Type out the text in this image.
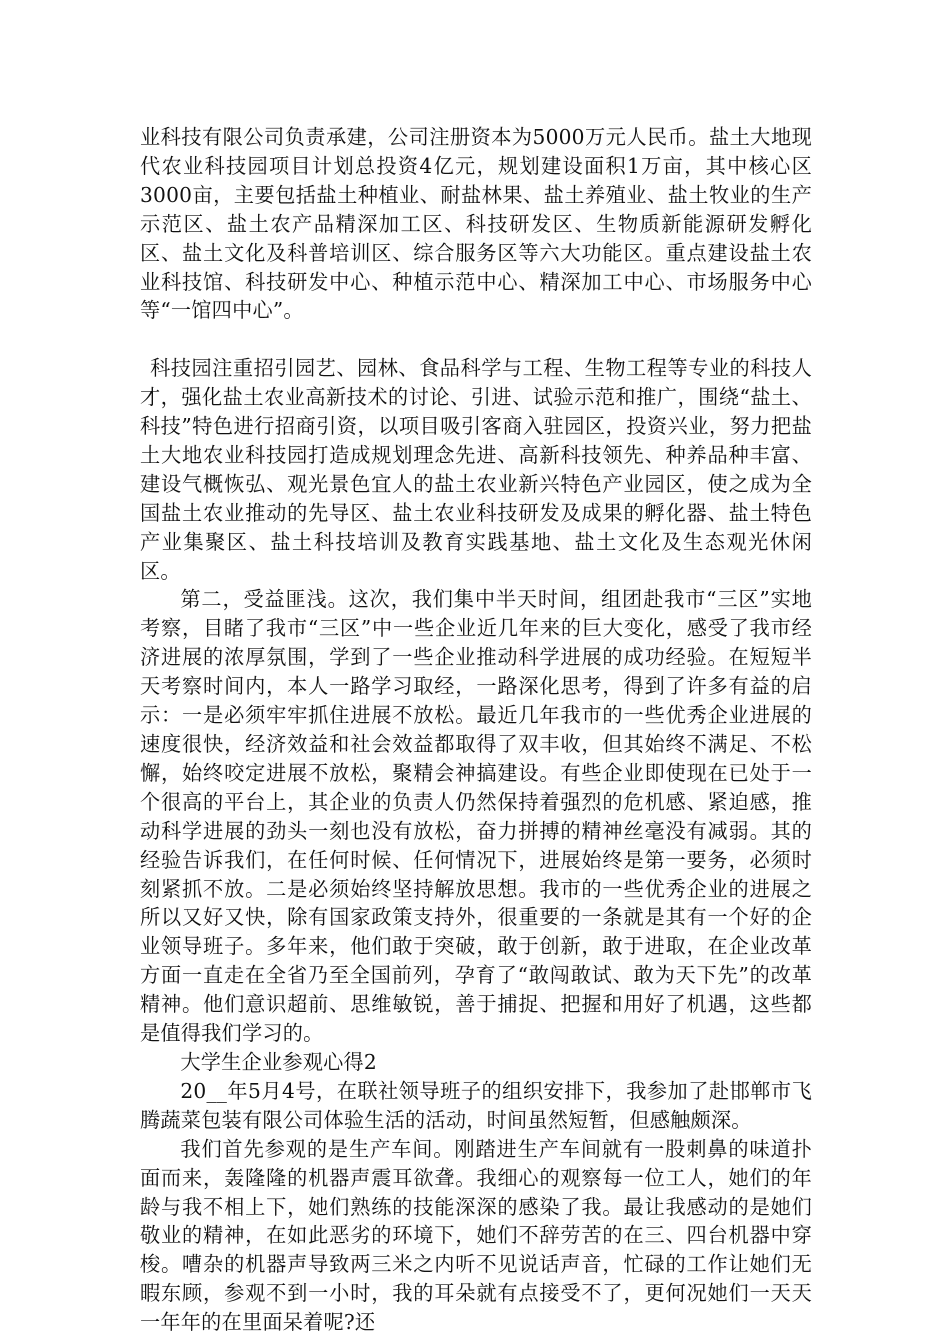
业科技有限公司负责承建，公司注册资本为5000万元人民币。盐土大地现代农业科技园项目计划总投资4亿元，规划建设面积1万亩，其中核心区3000亩，主要包括盐土种植业、耐盐林果、盐土养殖业、盐土牧业的生产示范区、盐土农产品精深加工区、科技研发区、生物质新能源研发孵化区、盐土文化及科普培训区、综合服务区等六大功能区。重点建设盐土农业科技馆、科技研发中心、种植示范中心、精深加工中心、市场服务中心等“一馆四中心”。

科技园注重招引园艺、园林、食品科学与工程、生物工程等专业的科技人才，强化盐土农业高新技术的讨论、引进、试验示范和推广，围绕“盐土、科技”特色进行招商引资，以项目吸引客商入驻园区，投资兴业，努力把盐土大地农业科技园打造成规划理念先进、高新科技领先、种养品种丰富、建设气概恢弘、观光景色宜人的盐土农业新兴特色产业园区，使之成为全国盐土农业推动的先导区、盐土农业科技研发及成果的孵化器、盐土特色产业集聚区、盐土科技培训及教育实践基地、盐土文化及生态观光休闲区。

第二，受益匪浅。这次，我们集中半天时间，组团赴我市“三区”实地考察，目睹了我市“三区”中一些企业近几年来的巨大变化，感受了我市经济进展的浓厚氛围，学到了一些企业推动科学进展的成功经验。在短短半天考察时间内，本人一路学习取经，一路深化思考，得到了许多有益的启示：一是必须牢牢抓住进展不放松。最近几年我市的一些优秀企业进展的速度很快，经济效益和社会效益都取得了双丰收，但其始终不满足、不松懈，始终咬定进展不放松，聚精会神搞建设。有些企业即使现在已处于一个很高的平台上，其企业的负责人仍然保持着强烈的危机感、紧迫感，推动科学进展的劲头一刻也没有放松，奋力拼搏的精神丝毫没有减弱。其的经验告诉我们，在任何时候、任何情况下，进展始终是第一要务，必须时刻紧抓不放。二是必须始终坚持解放思想。我市的一些优秀企业的进展之所以又好又快，除有国家政策支持外，很重要的一条就是其有一个好的企业领导班子。多年来，他们敢于突破，敢于创新，敢于进取，在企业改革方面一直走在全省乃至全国前列，孕育了“敢闯敢试、敢为天下先”的改革精神。他们意识超前、思维敏锐，善于捕捉、把握和用好了机遇，这些都是值得我们学习的。

大学生企业参观心得2

20__年5月4号，在联社领导班子的组织安排下，我参加了赴邯郸市飞腾蔬菜包装有限公司体验生活的活动，时间虽然短暂，但感触颇深。

我们首先参观的是生产车间。刚踏进生产车间就有一股刺鼻的味道扑面而来，轰隆隆的机器声震耳欲聋。我细心的观察每一位工人，她们的年龄与我不相上下，她们熟练的技能深深的感染了我。最让我感动的是她们敬业的精神，在如此恶劣的环境下，她们不辞劳苦的在三、四台机器中穿梭。嘈杂的机器声导致两三米之内听不见说话声音，忙碌的工作让她们无暇东顾，参观不到一小时，我的耳朵就有点接受不了，更何况她们一天天一年年的在里面呆着呢?还
